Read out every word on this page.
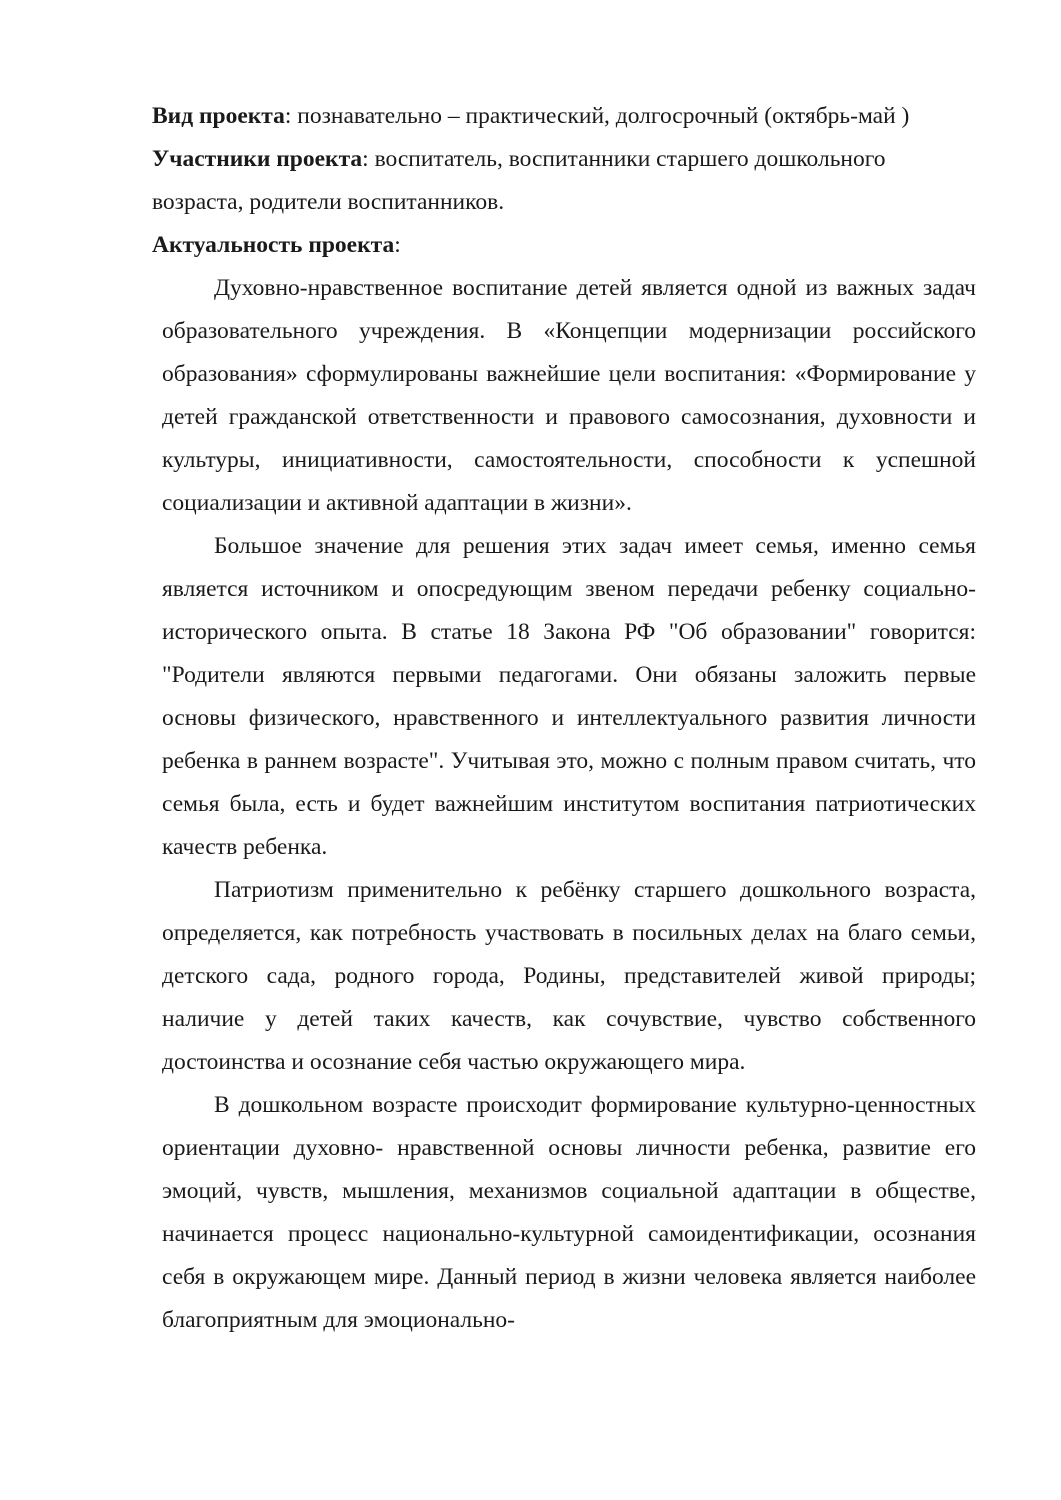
Вид проекта: познавательно – практический, долгосрочный (октябрь-май )

Участники проекта: воспитатель, воспитанники старшего дошкольного возраста, родители воспитанников.

Актуальность проекта:

Духовно-нравственное воспитание детей является одной из важных задач образовательного учреждения. В «Концепции модернизации российского образования» сформулированы важнейшие цели воспитания: «Формирование у детей гражданской ответственности и правового самосознания, духовности и культуры, инициативности, самостоятельности, способности к успешной социализации и активной адаптации в жизни».

Большое значение для решения этих задач имеет семья, именно семья является источником и опосредующим звеном передачи ребенку социально-исторического опыта. В статье 18 Закона РФ "Об образовании" говорится: "Родители являются первыми педагогами. Они обязаны заложить первые основы физического, нравственного и интеллектуального развития личности ребенка в раннем возрасте". Учитывая это, можно с полным правом считать, что семья была, есть и будет важнейшим институтом воспитания патриотических качеств ребенка.

Патриотизм применительно к ребёнку старшего дошкольного возраста, определяется, как потребность участвовать в посильных делах на благо семьи, детского сада, родного города, Родины, представителей живой природы; наличие у детей таких качеств, как сочувствие, чувство собственного достоинства и осознание себя частью окружающего мира.

В дошкольном возрасте происходит формирование культурно-ценностных ориентации духовно- нравственной основы личности ребенка, развитие его эмоций, чувств, мышления, механизмов социальной адаптации в обществе, начинается процесс национально-культурной самоидентификации, осознания себя в окружающем мире. Данный период в жизни человека является наиболее благоприятным для эмоционально-
